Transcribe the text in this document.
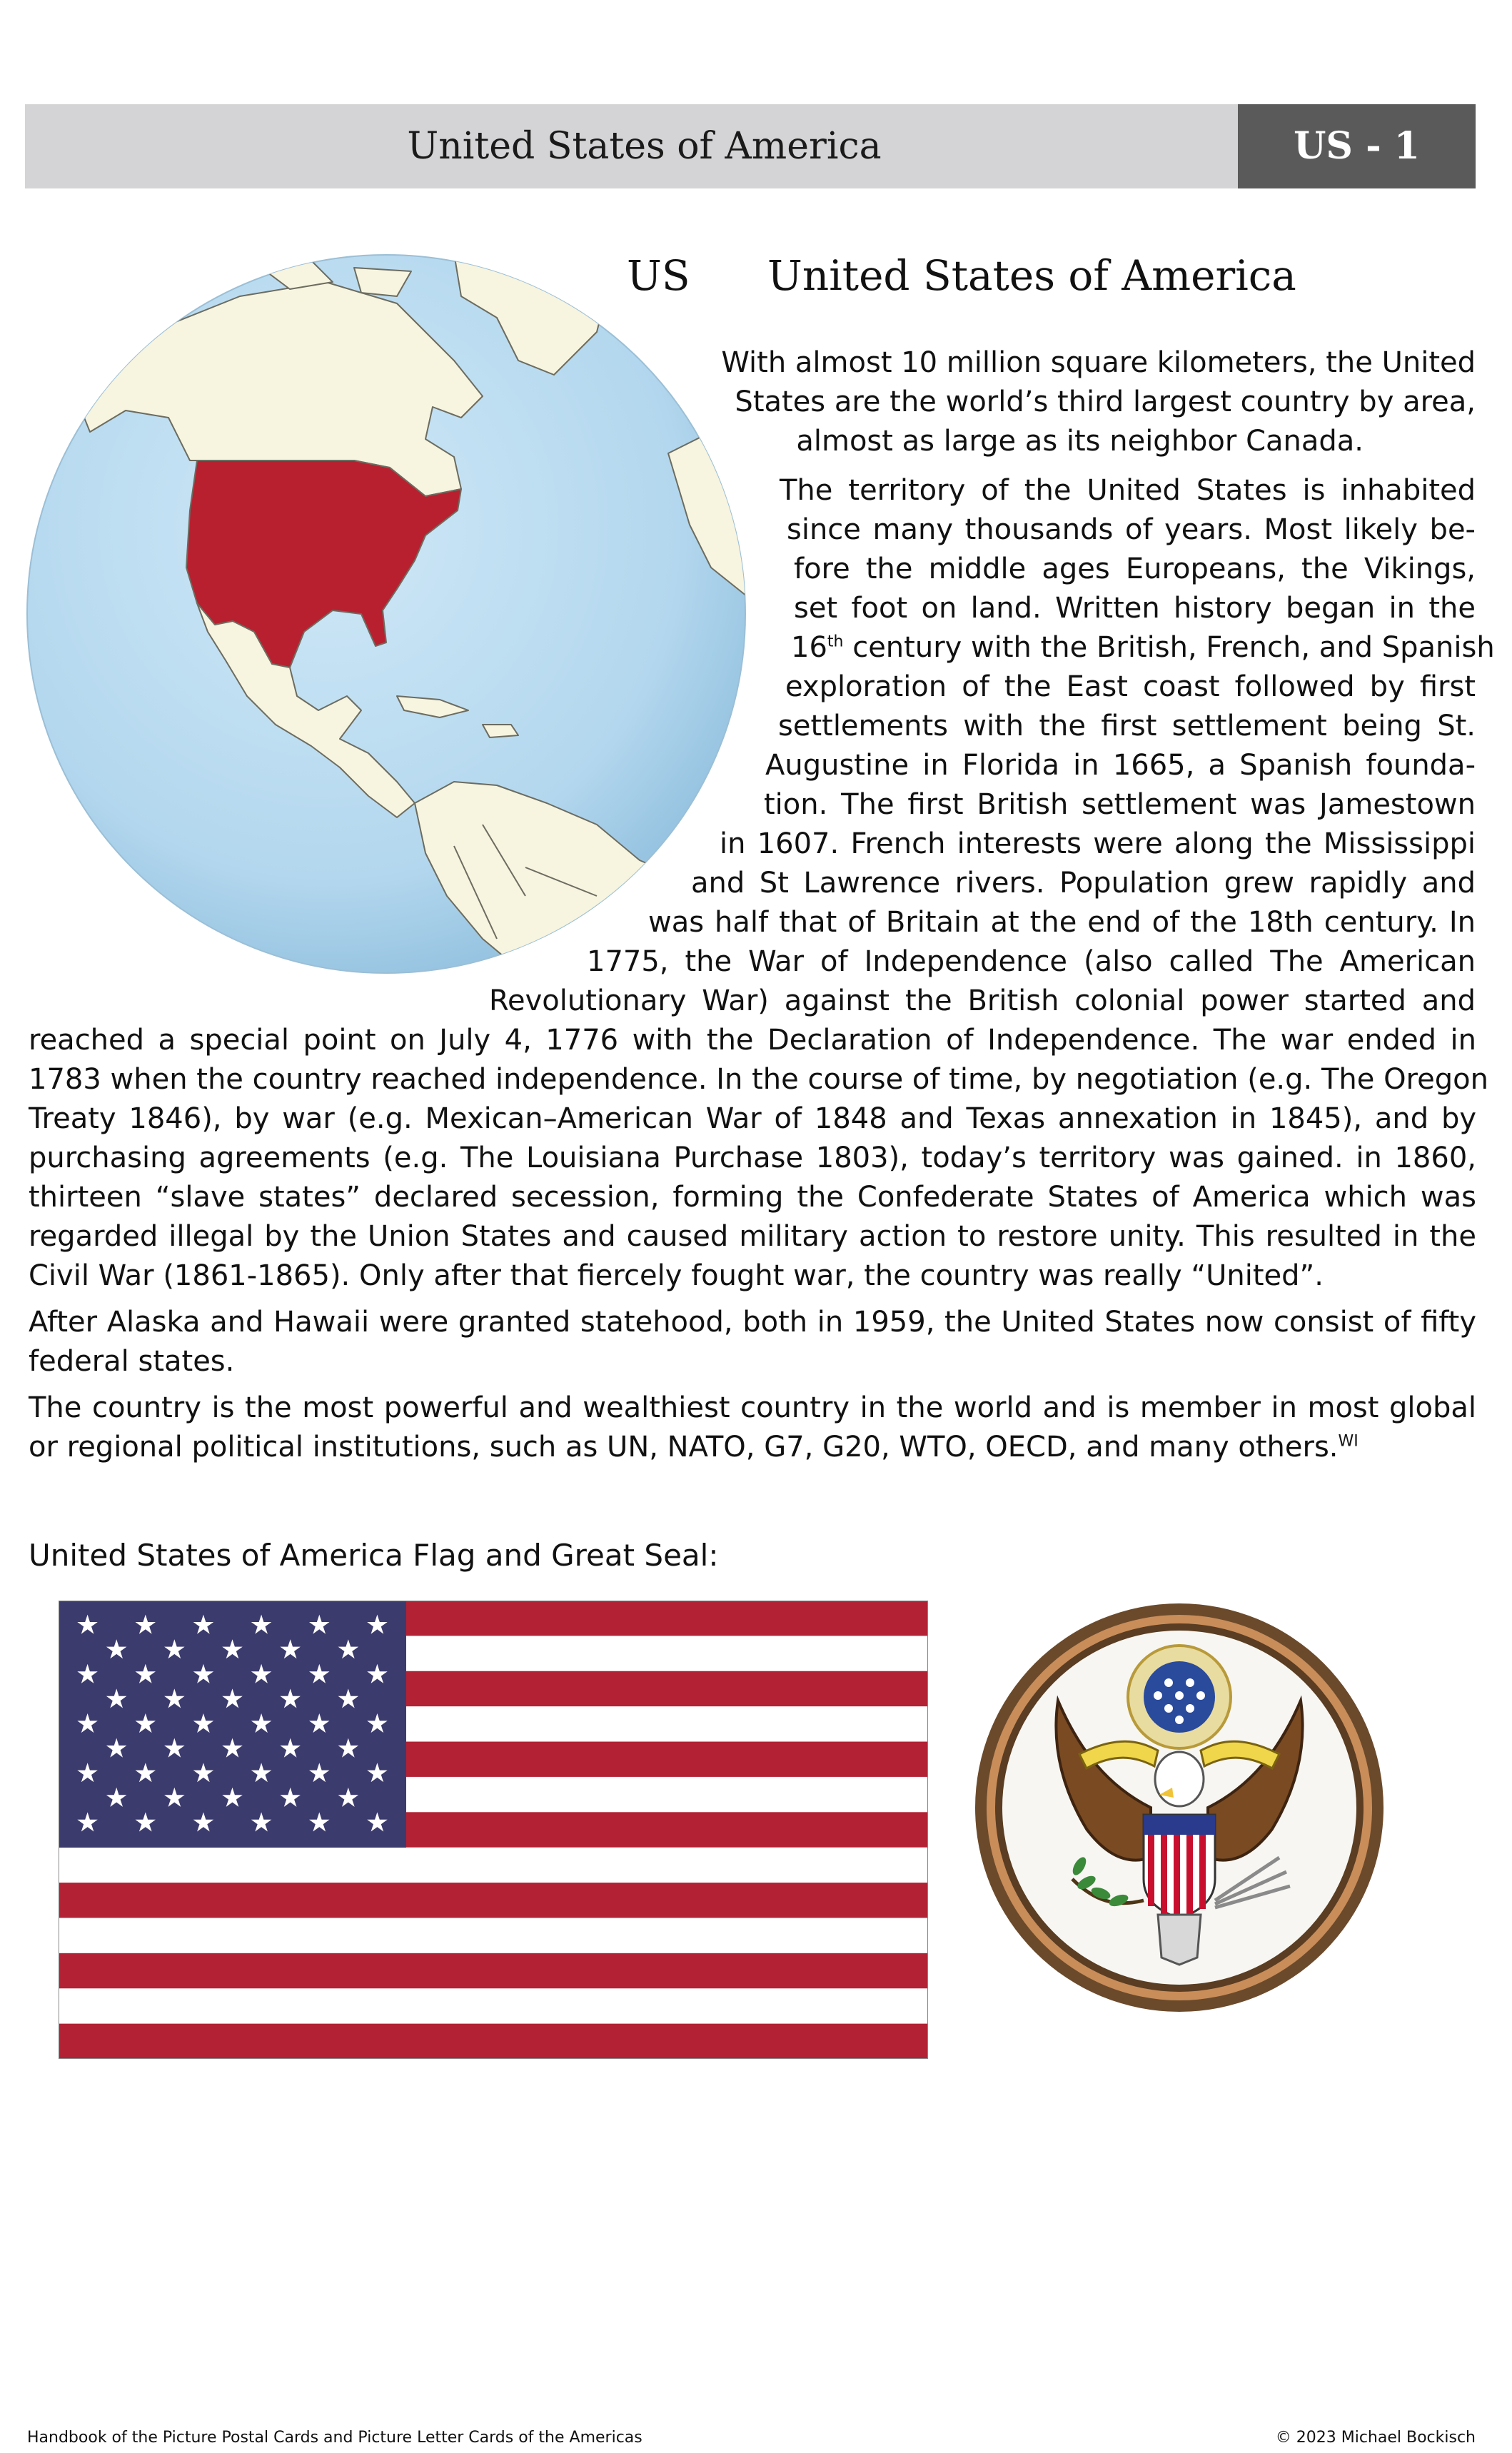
United States of America	US - 1
US United States of America
With almost 10 million square kilometers, the United
States are the world’s third largest country by area,
almost as large as its neighbor Canada.
The territory of the United States is inhabited
since many thousands of years. Most likely be-
fore the middle ages Europeans, the Vikings,
set foot on land. Written history began in the
16th century with the British, French, and Spanish
exploration of the East coast followed by first
settlements with the first settlement being St.
Augustine in Florida in 1665, a Spanish founda-
tion. The first British settlement was Jamestown
in 1607. French interests were along the Mississippi
and St Lawrence rivers. Population grew rapidly and
was half that of Britain at the end of the 18th century. In
1775, the War of Independence (also called The American
Revolutionary War) against the British colonial power started and
reached a special point on July 4, 1776 with the Declaration of Independence. The war ended in
1783 when the country reached independence. In the course of time, by negotiation (e.g. The Oregon
Treaty 1846), by war (e.g. Mexican–American War of 1848 and Texas annexation in 1845), and by
purchasing agreements (e.g. The Louisiana Purchase 1803), today’s territory was gained. in 1860,
thirteen “slave states” declared secession, forming the Confederate States of America which was
regarded illegal by the Union States and caused military action to restore unity. This resulted in the
Civil War (1861-1865). Only after that fiercely fought war, the country was really “United”.
After Alaska and Hawaii were granted statehood, both in 1959, the United States now consist of fifty
federal states.
The country is the most powerful and wealthiest country in the world and is member in most global
or regional political institutions, such as UN, NATO, G7, G20, WTO, OECD, and many others.$^{WI}$
United States of America Flag and Great Seal:
Handbook of the Picture Postal Cards and Picture Letter Cards of the Americas	© 2023 Michael Bockisch
